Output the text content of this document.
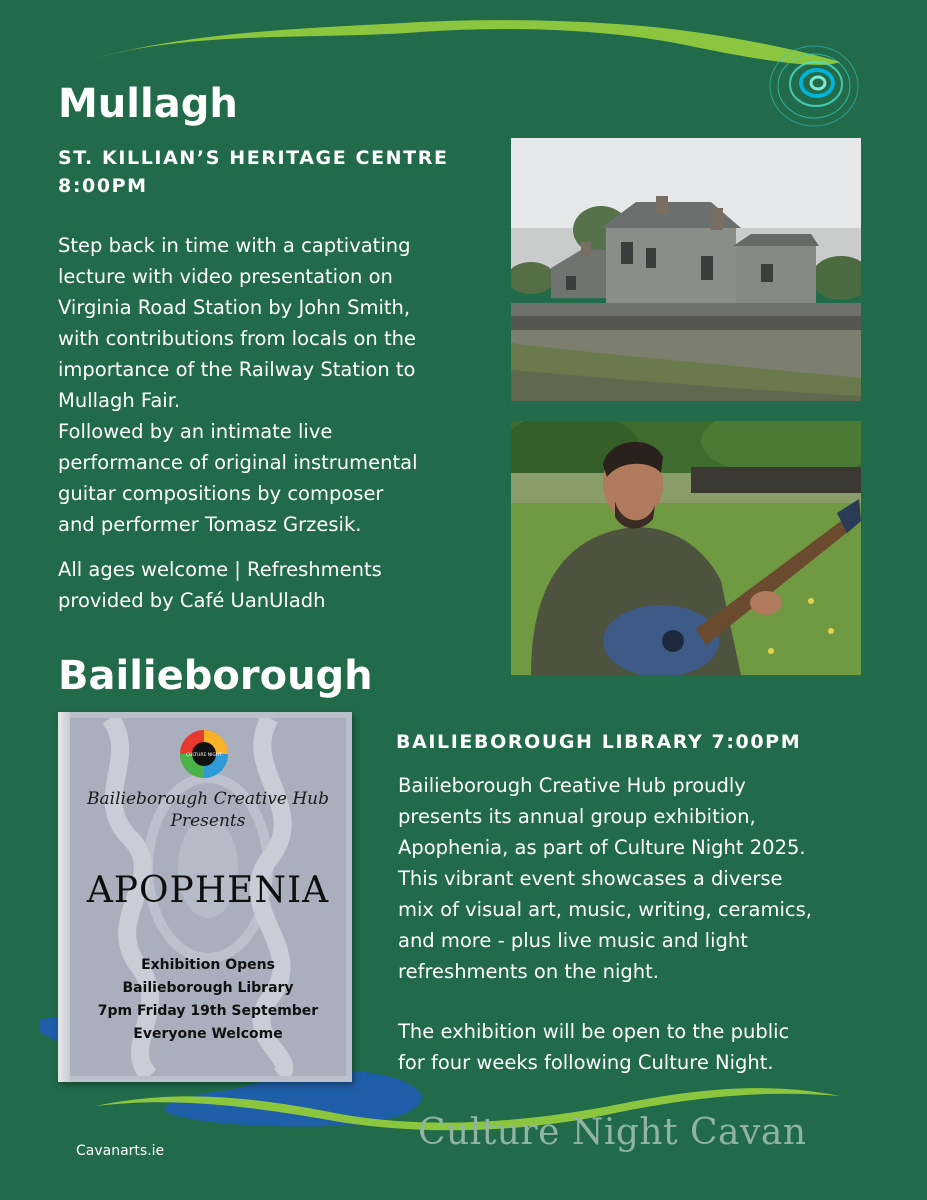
Mullagh
ST. KILLIAN’S HERITAGE CENTRE
8:00PM
Step back in time with a captivating
lecture with video presentation on
Virginia Road Station by John Smith,
with contributions from locals on the
importance of the Railway Station to
Mullagh Fair.
Followed by an intimate live
performance of original instrumental
guitar compositions by composer
and performer Tomasz Grzesik.
All ages welcome | Refreshments
provided by Café UanUladh
Bailieborough
BAILIEBOROUGH LIBRARY 7:00PM
Bailieborough Creative Hub proudly
presents its annual group exhibition,
Apophenia, as part of Culture Night 2025.
This vibrant event showcases a diverse
mix of visual art, music, writing, ceramics,
and more - plus live music and light
refreshments on the night.
The exhibition will be open to the public
for four weeks following Culture Night.
CULTURE NIGHT
Bailieborough Creative Hub
Presents
APOPHENIA
Exhibition Opens
Bailieborough Library
7pm Friday 19th September
Everyone Welcome
Cavanarts.ie	Culture Night Cavan
